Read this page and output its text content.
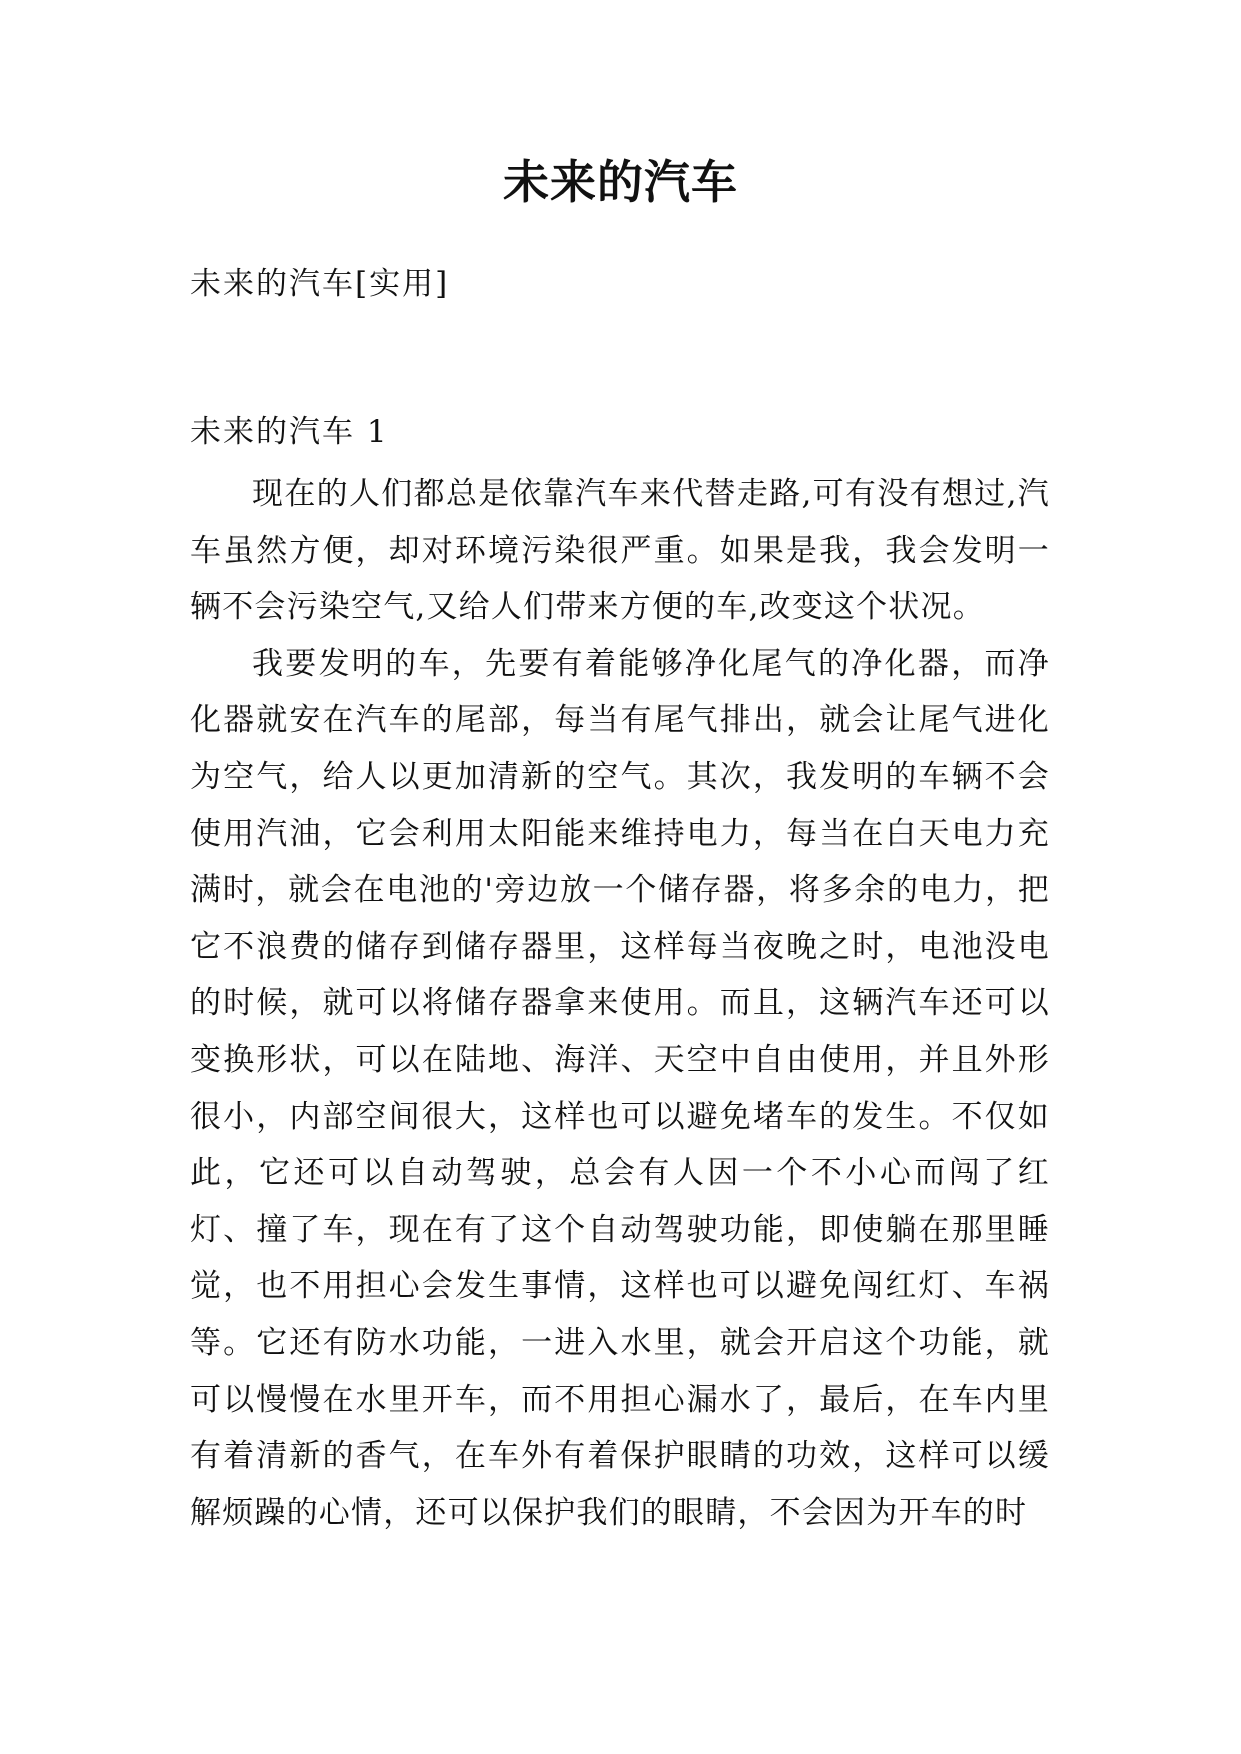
未来的汽车

未来的汽车[实用]

未来的汽车 1

现在的人们都总是依靠汽车来代替走路,可有没有想过,汽车虽然方便，却对环境污染很严重。如果是我，我会发明一辆不会污染空气,又给人们带来方便的车,改变这个状况。

我要发明的车，先要有着能够净化尾气的净化器，而净化器就安在汽车的尾部，每当有尾气排出，就会让尾气进化为空气，给人以更加清新的空气。其次，我发明的车辆不会使用汽油，它会利用太阳能来维持电力，每当在白天电力充满时，就会在电池的'旁边放一个储存器，将多余的电力，把它不浪费的储存到储存器里，这样每当夜晚之时，电池没电的时候，就可以将储存器拿来使用。而且，这辆汽车还可以变换形状，可以在陆地、海洋、天空中自由使用，并且外形很小，内部空间很大，这样也可以避免堵车的发生。不仅如此，它还可以自动驾驶，总会有人因一个不小心而闯了红灯、撞了车，现在有了这个自动驾驶功能，即使躺在那里睡觉，也不用担心会发生事情，这样也可以避免闯红灯、车祸等。它还有防水功能，一进入水里，就会开启这个功能，就可以慢慢在水里开车，而不用担心漏水了，最后，在车内里有着清新的香气，在车外有着保护眼睛的功效，这样可以缓解烦躁的心情，还可以保护我们的眼睛，不会因为开车的时
